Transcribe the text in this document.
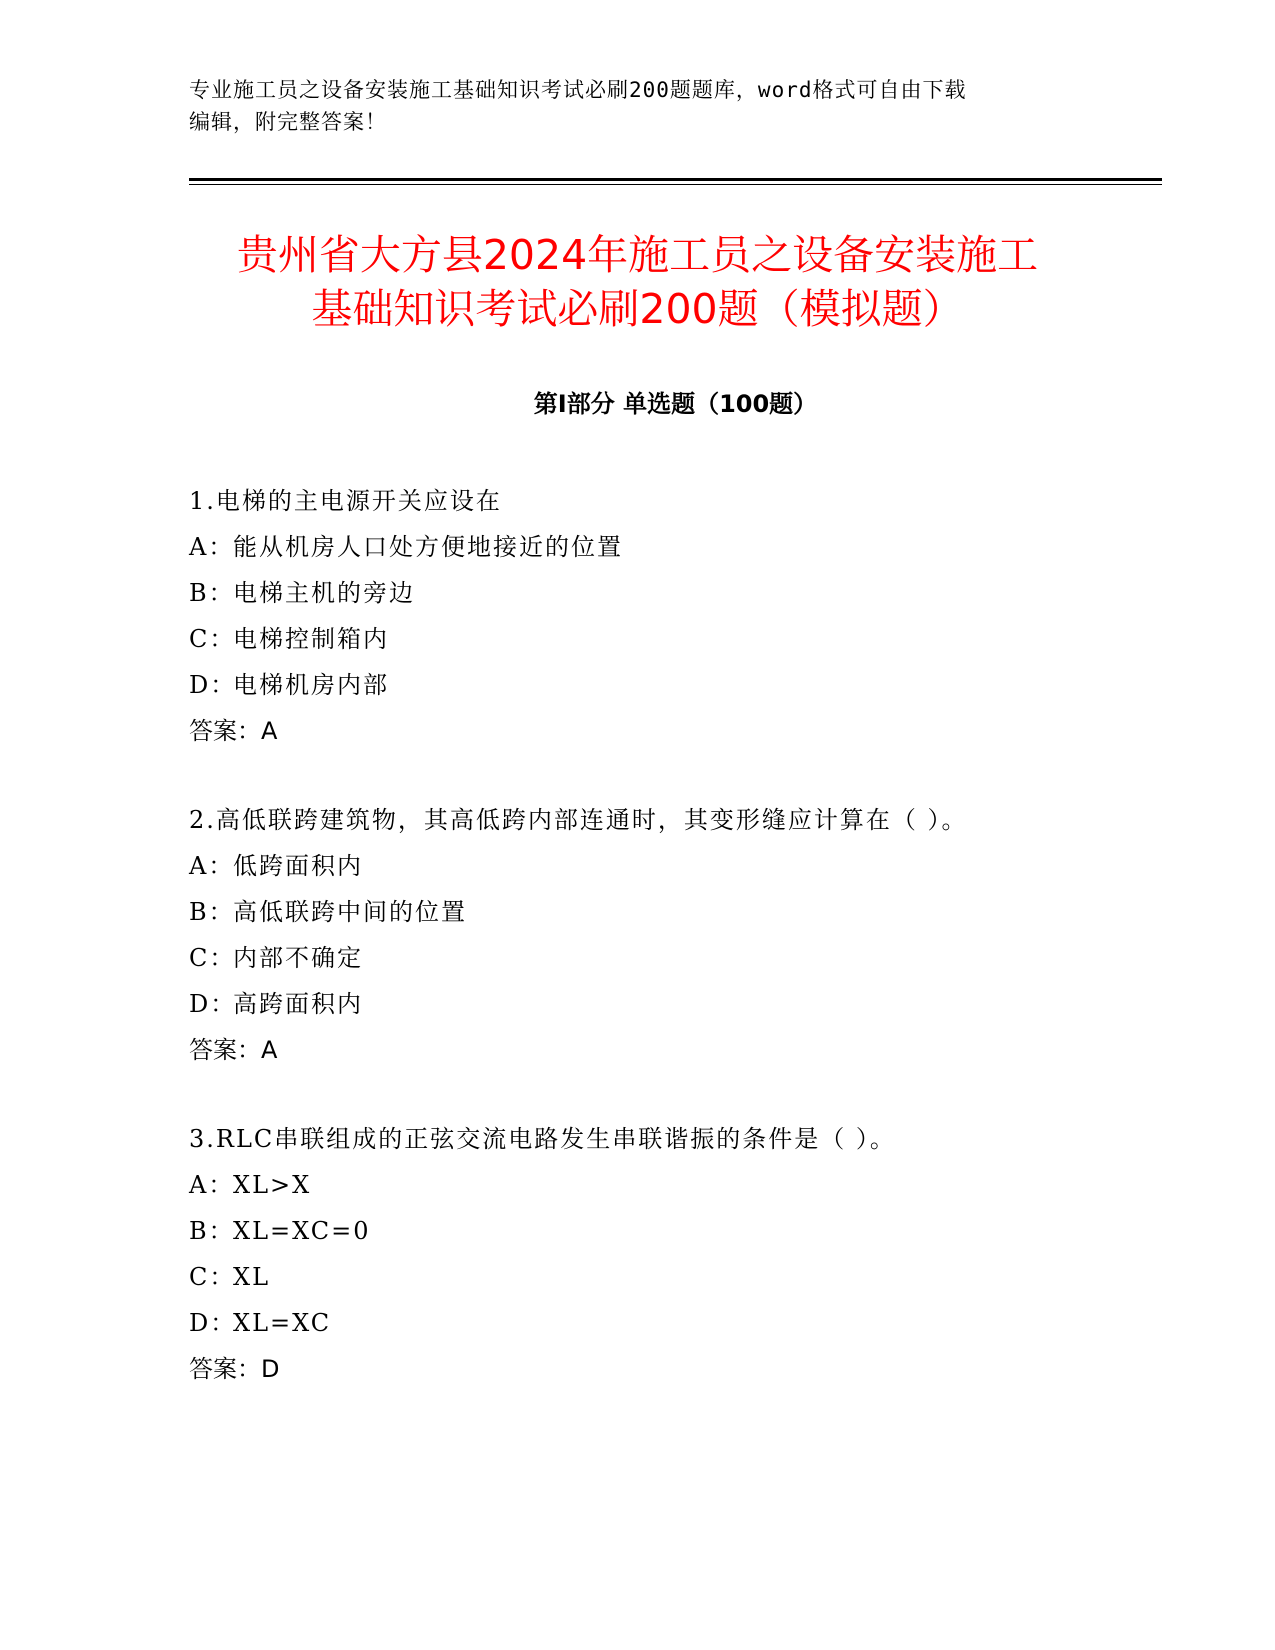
专业施工员之设备安装施工基础知识考试必刷200题题库，word格式可自由下载
编辑，附完整答案！
贵州省大方县2024年施工员之设备安装施工
基础知识考试必刷200题（模拟题）
第Ⅰ部分 单选题（100题）
1.电梯的主电源开关应设在
A：能从机房人口处方便地接近的位置
B：电梯主机的旁边
C：电梯控制箱内
D：电梯机房内部
答案：A
2.高低联跨建筑物，其高低跨内部连通时，其变形缝应计算在（ ）。
A：低跨面积内
B：高低联跨中间的位置
C：内部不确定
D：高跨面积内
答案：A
3.RLC串联组成的正弦交流电路发生串联谐振的条件是（ ）。
A：XL>X
B：XL=XC=0
C：XL
D：XL=XC
答案：D
